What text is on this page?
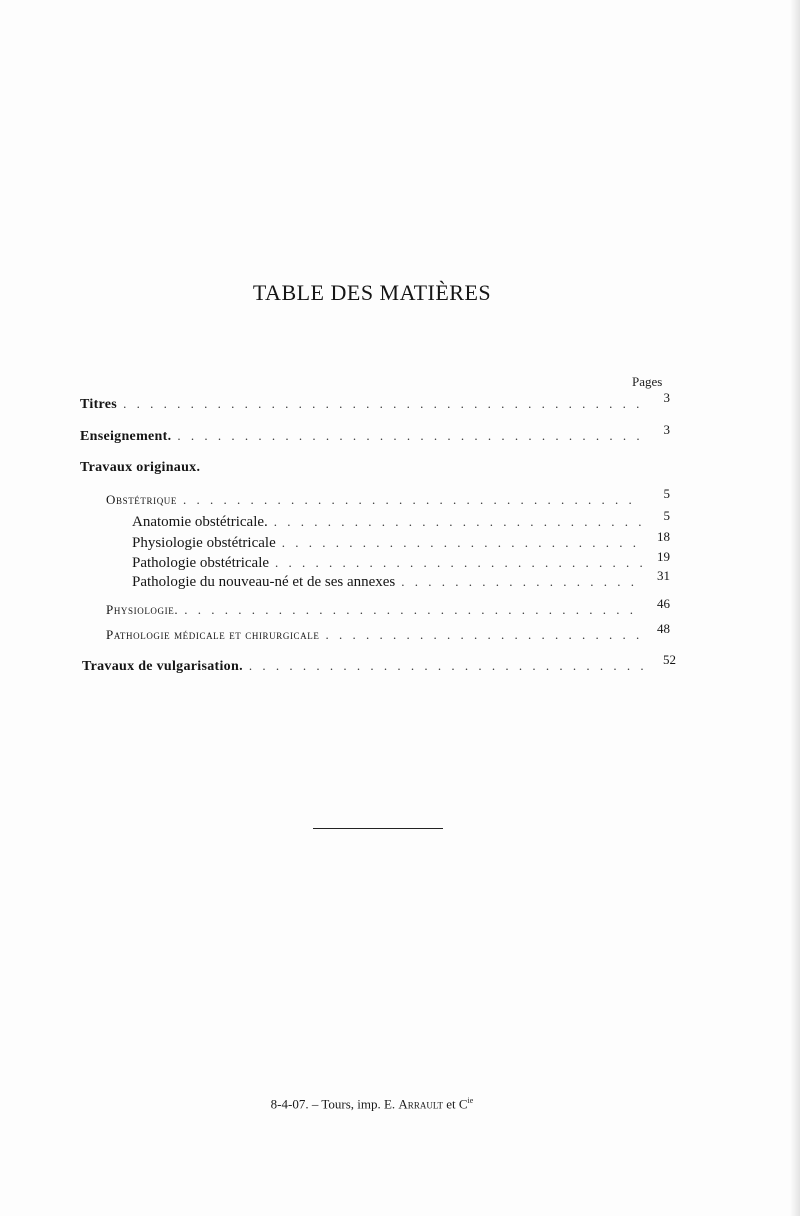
TABLE DES MATIÈRES
Pages
Titres . . .	3
Enseignement. . . .	3
Travaux originaux.
Obstétrique . . .	5
Anatomie obstétricale. . . .	5
Physiologie obstétricale . . .	18
Pathologie obstétricale . . .	19
Pathologie du nouveau-né et de ses annexes . . .	31
Physiologie. . . .	46
Pathologie médicale et chirurgicale . . .	48
Travaux de vulgarisation. . . .	52
8-4-07. – Tours, imp. E. Arrault et $C^{ie}$
